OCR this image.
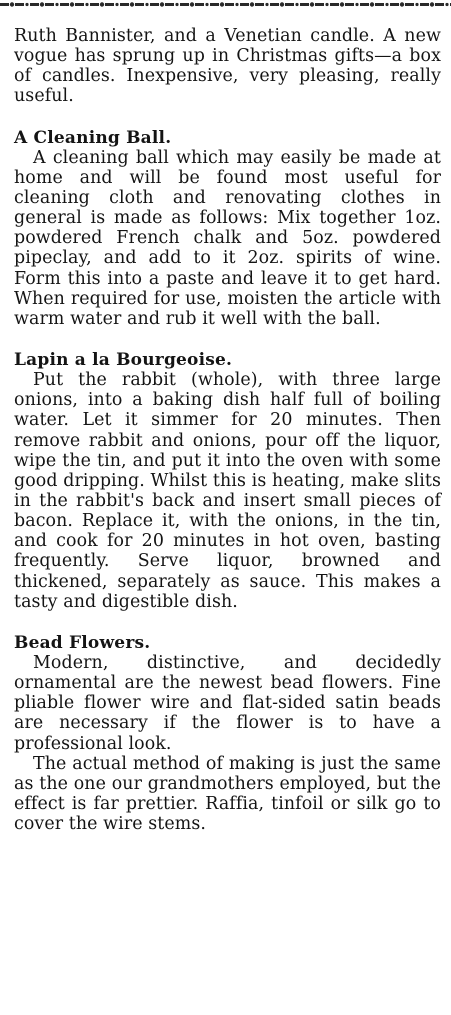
Ruth Bannister, and a Venetian candle. A new vogue has sprung up in Christmas gifts—a box of candles. Inexpensive, very pleasing, really useful.

A Cleaning Ball.

A cleaning ball which may easily be made at home and will be found most useful for cleaning cloth and renovating clothes in general is made as follows: Mix together 1oz. powdered French chalk and 5oz. powdered pipeclay, and add to it 2oz. spirits of wine. Form this into a paste and leave it to get hard. When required for use, moisten the article with warm water and rub it well with the ball.

Lapin a la Bourgeoise.

Put the rabbit (whole), with three large onions, into a baking dish half full of boiling water. Let it simmer for 20 minutes. Then remove rabbit and onions, pour off the liquor, wipe the tin, and put it into the oven with some good dripping. Whilst this is heating, make slits in the rabbit's back and insert small pieces of bacon. Replace it, with the onions, in the tin, and cook for 20 minutes in hot oven, basting frequently. Serve liquor, browned and thickened, separately as sauce. This makes a tasty and digestible dish.

Bead Flowers.

Modern, distinctive, and decidedly ornamental are the newest bead flowers. Fine pliable flower wire and flat-sided satin beads are necessary if the flower is to have a professional look.

The actual method of making is just the same as the one our grandmothers employed, but the effect is far prettier. Raffia, tinfoil or silk go to cover the wire stems.
